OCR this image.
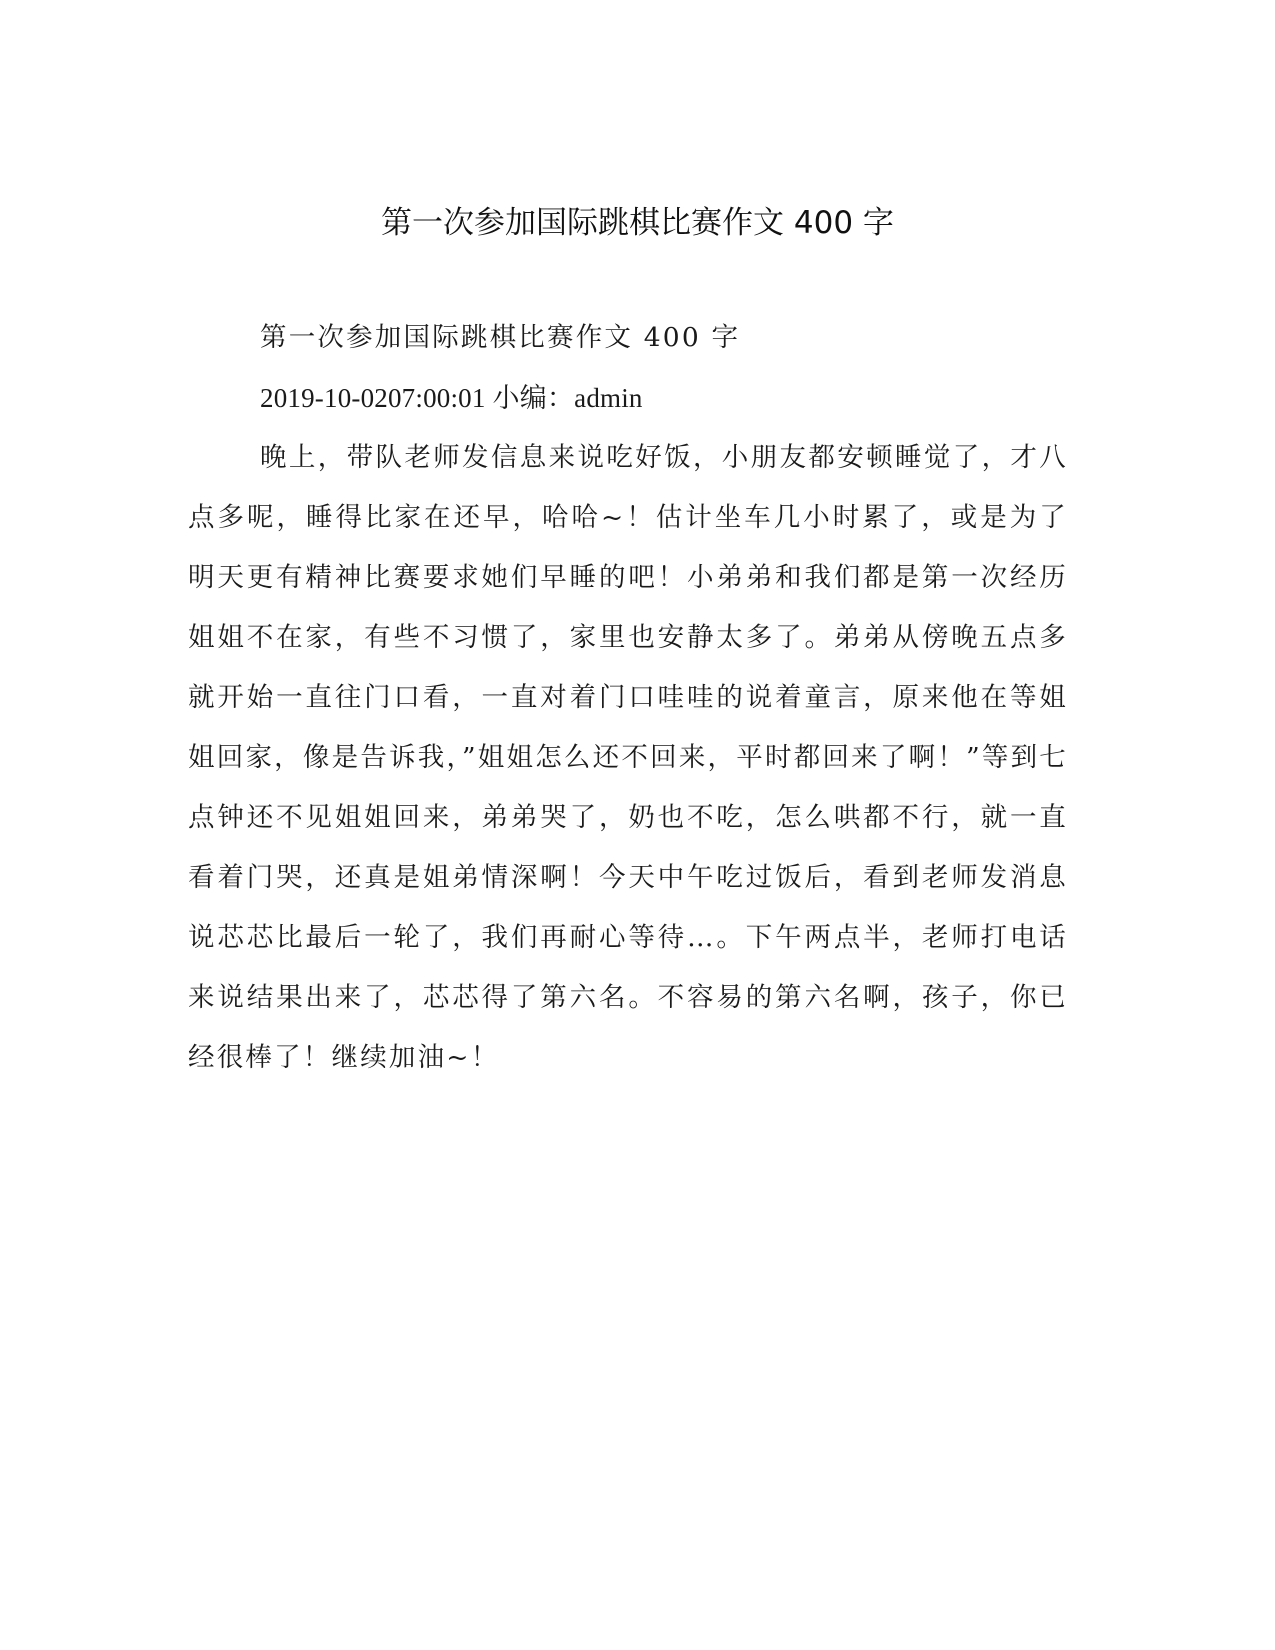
第一次参加国际跳棋比赛作文 400 字

第一次参加国际跳棋比赛作文 400 字

2019-10-0207:00:01 小编：admin

晚上，带队老师发信息来说吃好饭，小朋友都安顿睡觉了，才八点多呢，睡得比家在还早，哈哈~！估计坐车几小时累了，或是为了明天更有精神比赛要求她们早睡的吧！小弟弟和我们都是第一次经历姐姐不在家，有些不习惯了，家里也安静太多了。弟弟从傍晚五点多就开始一直往门口看，一直对着门口哇哇的说着童言，原来他在等姐姐回家，像是告诉我，”姐姐怎么还不回来，平时都回来了啊！”等到七点钟还不见姐姐回来，弟弟哭了，奶也不吃，怎么哄都不行，就一直看着门哭，还真是姐弟情深啊！今天中午吃过饭后，看到老师发消息说芯芯比最后一轮了，我们再耐心等待…。下午两点半，老师打电话来说结果出来了，芯芯得了第六名。不容易的第六名啊，孩子，你已经很棒了！继续加油~！
